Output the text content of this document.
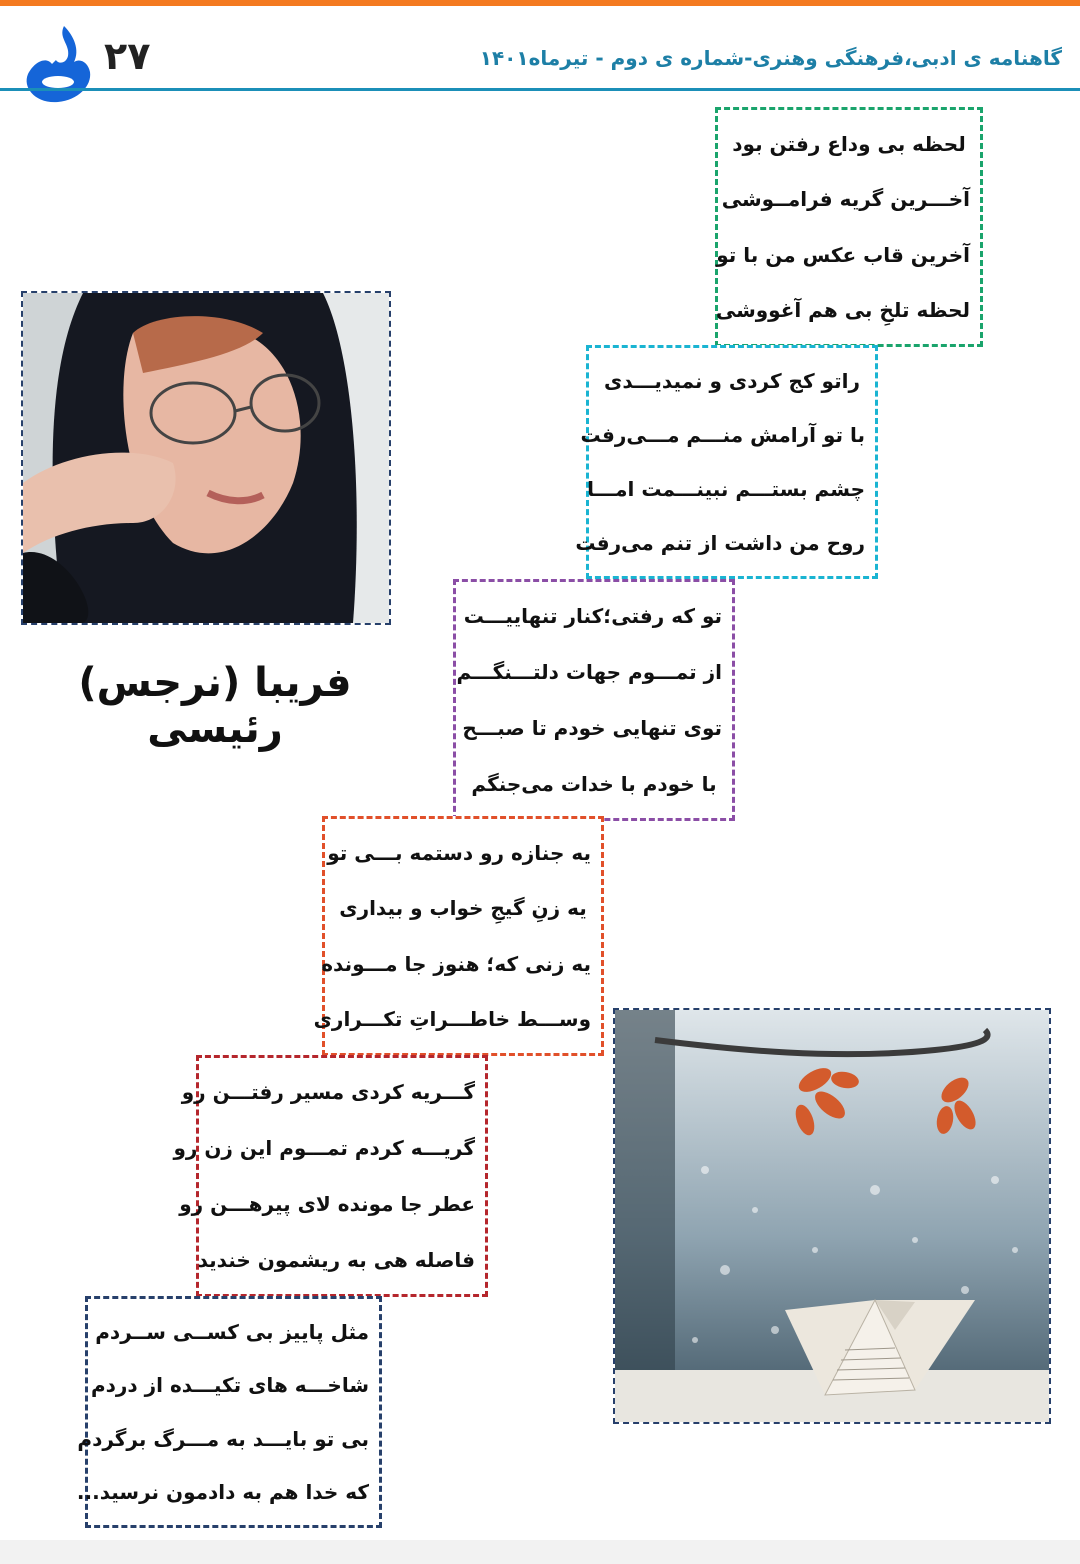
۲۷	گاهنامه ی ادبی،فرهنگی وهنری-شماره ی دوم - تیرماه۱۴۰۱
فریبا (نرجس) رئیسی
لحظه بی وداع رفتن بود
آخـــرین گریه فرامــوشی
آخرین قاب عکس من با تو
لحظه تلخِ بی هم آغووشی
راتو کج کردی و نمیدیـــدی
با تو آرامش منـــم مـــی‌رفت
چشم بستـــم نبینـــمت امـــا
روح من داشت از تنم می‌رفت
تو که رفتی؛کنار تنهاییـــت
از تمـــوم جهات دلتـــنگـــم
توی تنهایی خودم تا صبـــح
با خودم با خدات می‌جنگم
یه جنازه رو دستمه بـــی تو
یه زنِ گیجِ خواب و بیداری
یه زنی که؛ هنوز جا مـــونده
وســـط خاطـــراتِ تکـــراری
گـــریه کردی مسیر رفتـــن رو
گریـــه کردم تمـــوم این زن رو
عطر جا مونده لای پیرهـــن رو
فاصله هی به ریشمون خندید
مثل پاییز بی کســی ســردم
شاخـــه های تکیـــده از دردم
بی تو بایـــد به مـــرگ برگردم
که خدا هم به دادمون نرسید...
